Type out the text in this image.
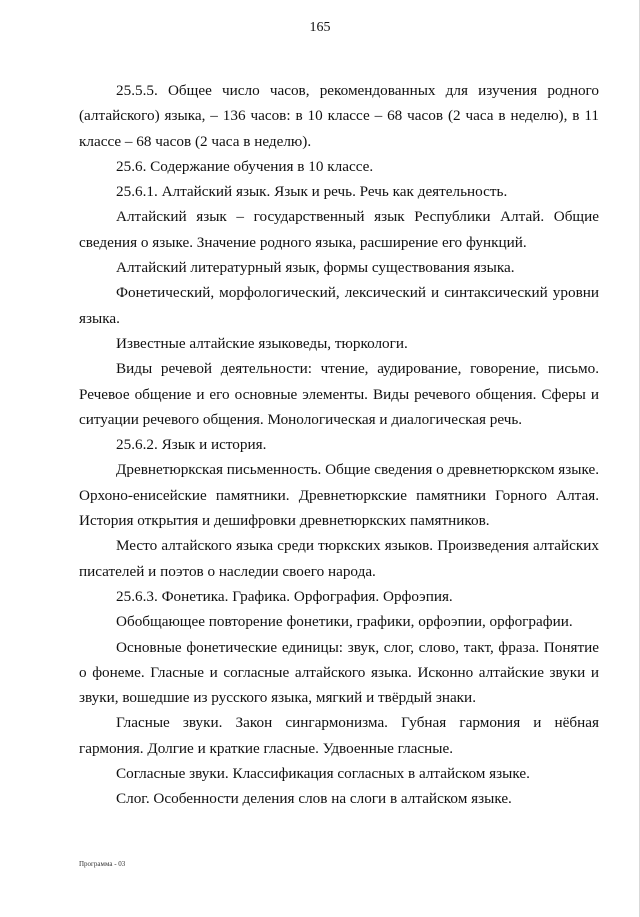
165

25.5.5. Общее число часов, рекомендованных для изучения родного (алтайского) языка, – 136 часов: в 10 классе – 68 часов (2 часа в неделю), в 11 классе – 68 часов (2 часа в неделю).

25.6. Содержание обучения в 10 классе.

25.6.1. Алтайский язык. Язык и речь. Речь как деятельность.

Алтайский язык – государственный язык Республики Алтай. Общие сведения о языке. Значение родного языка, расширение его функций.

Алтайский литературный язык, формы существования языка.

Фонетический, морфологический, лексический и синтаксический уровни языка.

Известные алтайские языковеды, тюркологи.

Виды речевой деятельности: чтение, аудирование, говорение, письмо. Речевое общение и его основные элементы. Виды речевого общения. Сферы и ситуации речевого общения. Монологическая и диалогическая речь.

25.6.2. Язык и история.

Древнетюркская письменность. Общие сведения о древнетюркском языке. Орхоно-енисейские памятники. Древнетюркские памятники Горного Алтая. История открытия и дешифровки древнетюркских памятников.

Место алтайского языка среди тюркских языков. Произведения алтайских писателей и поэтов о наследии своего народа.

25.6.3. Фонетика. Графика. Орфография. Орфоэпия.

Обобщающее повторение фонетики, графики, орфоэпии, орфографии.

Основные фонетические единицы: звук, слог, слово, такт, фраза. Понятие о фонеме. Гласные и согласные алтайского языка. Исконно алтайские звуки и звуки, вошедшие из русского языка, мягкий и твёрдый знаки.

Гласные звуки. Закон сингармонизма. Губная гармония и нёбная гармония. Долгие и краткие гласные. Удвоенные гласные.

Согласные звуки. Классификация согласных в алтайском языке.

Слог. Особенности деления слов на слоги в алтайском языке.

Программа - 03
